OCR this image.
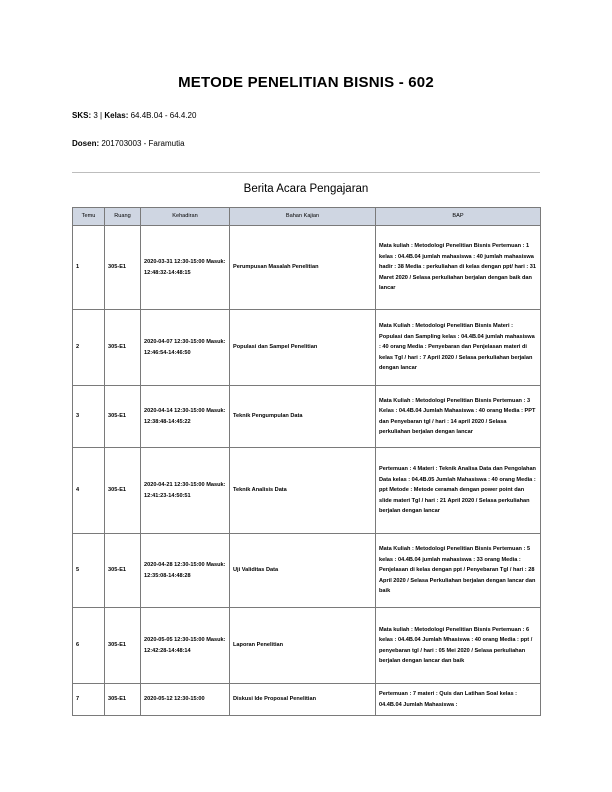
METODE PENELITIAN BISNIS - 602
SKS: 3 | Kelas: 64.4B.04 - 64.4.20
Dosen: 201703003 - Faramutia
Berita Acara Pengajaran
Temu	Ruang	Kehadiran	Bahan Kajian	BAP
1	305-E1	2020-03-31 12:30-15:00 Masuk: 12:48:32-14:48:15	Perumpusan Masalah Penelitian	Mata kuliah : Metodologi Penelitian Bisnis Pertemuan : 1 kelas : 04.4B.04 jumlah mahasiswa : 40 jumlah mahasiswa hadir : 38 Media : perkuliahan di kelas dengan ppt/ hari : 31 Maret 2020 / Selasa perkuliahan berjalan dengan baik dan lancar
2	305-E1	2020-04-07 12:30-15:00 Masuk: 12:46:54-14:46:50	Populasi dan Sampel Penelitian	Mata Kuliah : Metodologi Penelitian Bisnis Materi : Populasi dan Sampling kelas : 04.4B.04 jumlah mahasiswa : 40 orang Media : Penyebaran dan Penjelasan materi di kelas Tgl / hari : 7 April 2020 / Selasa perkuliahan berjalan dengan lancar
3	305-E1	2020-04-14 12:30-15:00 Masuk: 12:38:48-14:45:22	Teknik Pengumpulan Data	Mata Kuliah : Metodologi Penelitian Bisnis Pertemuan : 3 Kelas : 04.4B.04 Jumlah Mahasiswa : 40 orang Media : PPT dan Penyebaran tgl / hari : 14 april 2020 / Selasa perkuliahan berjalan dengan lancar
4	305-E1	2020-04-21 12:30-15:00 Masuk: 12:41:23-14:50:51	Teknik Analisis Data	Pertemuan : 4 Materi : Teknik Analisa Data dan Pengolahan Data kelas : 04.4B.05 Jumlah Mahasiswa : 40 orang Media : ppt Metode : Metode ceramah dengan power point dan slide materi Tgl / hari : 21 April 2020 / Selasa perkuliahan berjalan dengan lancar
5	305-E1	2020-04-28 12:30-15:00 Masuk: 12:35:08-14:48:28	Uji Validitas Data	Mata Kuliah : Metodologi Penelitian Bisnis Pertemuan : 5 kelas : 04.4B.04 jumlah mahasiswa : 33 orang Media : Penjelasan di kelas dengan ppt / Penyebaran Tgl / hari : 28 April 2020 / Selasa Perkuliahan berjalan dengan lancar dan baik
6	305-E1	2020-05-05 12:30-15:00 Masuk: 12:42:28-14:48:14	Laporan Penelitian	Mata kuliah : Metodologi Penelitian Bisnis Pertemuan : 6 kelas : 04.4B.04 Jumlah Mhasiswa : 40 orang Media : ppt / penyebaran tgl / hari : 05 Mei 2020 / Selasa perkuliahan berjalan dengan lancar dan baik
7	305-E1	2020-05-12 12:30-15:00	Diskusi Ide Proposal Penelitian	Pertemuan : 7 materi : Quis dan Latihan Soal kelas : 04.4B.04 Jumlah Mahasiswa :
